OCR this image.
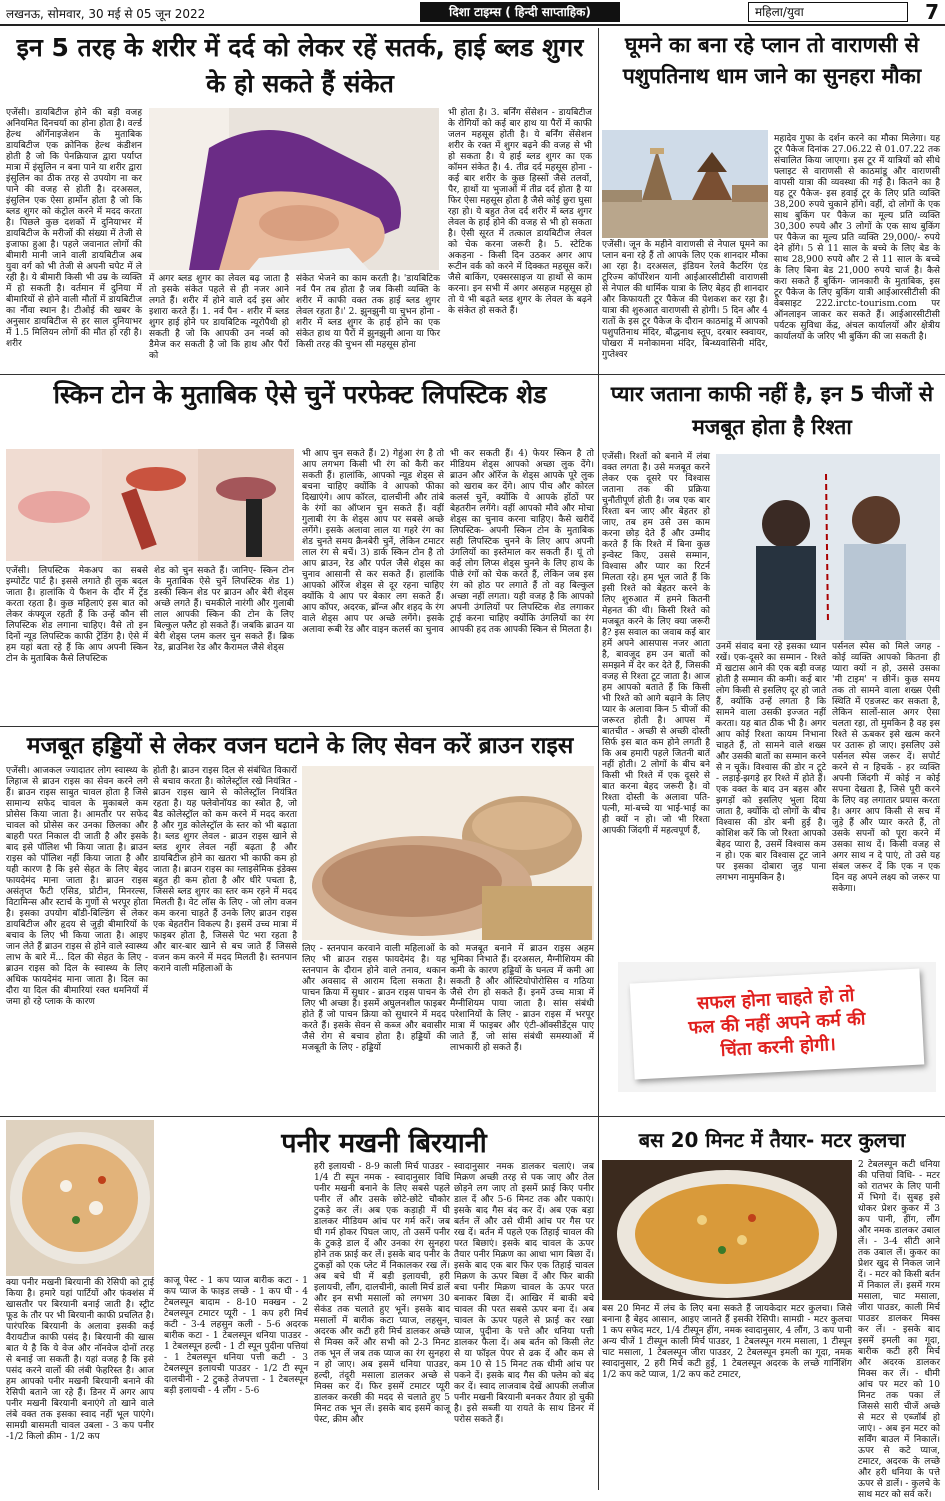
लखनऊ, सोमवार, 30 मई से 05 जून 2022	दिशा टाइम्स ( हिन्दी साप्ताहिक)	महिला/युवा	7
इन 5 तरह के शरीर में दर्द को लेकर रहें सतर्क, हाई ब्लड शुगर के हो सकते हैं संकेत
एजेंसी। डायबिटीज होने की बड़ी वजह अनियमित दिनचर्या का होना होता है। वर्ल्ड हेल्थ ऑर्गेनाइजेशन के मुताबिक डायबिटीज एक क्रोनिक हेल्थ कंडीशन होती है जो कि पेनक्रियाज द्वारा पर्याप्त मात्रा में इंसुलिन न बना पाने या शरीर द्वारा इंसुलिन का ठीक तरह से उपयोग ना कर पाने की वजह से होती है। दरअसल, इंसुलिन एक ऐसा हार्मोन होता है जो कि ब्लड शुगर को कंट्रोल करने में मदद करता है। पिछले कुछ दशकों में दुनियाभर में डायबिटीज के मरीजों की संख्या में तेजी से इजाफा हुआ है। पहले जवानात लोगों की बीमारी मानी जाने वाली डायबिटीज अब युवा वर्ग को भी तेजी से अपनी चपेट में ले रही है। ये बीमारी किसी भी उम्र के व्यक्ति में हो सकती है। वर्तमान में दुनिया में बीमारियों से होने वाली मौतों में डायबिटीज का नौंवा स्थान है। टीओई की खबर के अनुसार डायबिटीज से हर साल दुनियाभर में 1.5 मिलियन लोगों की मौत हो रही है। शरीर
में अगर ब्लड शुगर का लेवल बढ़ जाता है तो इसके संकेत पहले से ही नजर आने लगते हैं। शरीर में होने वाले दर्द इस ओर इशारा करते हैं। 1. नर्व पैन - शरीर में ब्लड शुगर हाई होने पर डायबिटिक न्यूरोपैथी हो सकती है जो कि आपकी उन नर्व्स को डैमेज कर सकती है जो कि हाथ और पैरों को
संकेत भेजने का काम करती है। 'डायबिटिक नर्व पैन तब होता है जब किसी व्यक्ति के शरीर में काफी वक्त तक हाई ब्लड शुगर लेवल रहता है।' 2. झुनझुनी या चुभन होना - शरीर में ब्लड शुगर के हाई होने का एक संकेत हाथ या पैरों में झुनझुनी आना या फिर किसी तरह की चुभन सी महसूस होना
भी होता है। 3. बर्निंग सेंसेशन - डायबिटीज के रोगियों को कई बार हाथ या पैरों में काफी जलन महसूस होती है। ये बर्निंग सेंसेशन शरीर के रक्त में शुगर बढ़ने की वजह से भी हो सकता है। ये हाई ब्लड शुगर का एक कॉमन संकेत है। 4. तीव्र दर्द महसूस होना - कई बार शरीर के कुछ हिस्सों जैसे तलवों, पैर, हाथों या भुजाओं में तीव्र दर्द होता है या फिर ऐसा महसूस होता है जैसे कोई छुरा घुसा रहा हो। ये बहुत तेज दर्द शरीर में ब्लड शुगर लेवल के हाई होने की वजह से भी हो सकता है। ऐसी सूरत में तत्काल डायबिटीज लेवल को चेक करना जरूरी है। 5. स्टेटिक अकड़ना - किसी दिन उठकर अगर आप रूटीन वर्क को करने में दिक्कत महसूस करें। जैसे बाकिंग, एक्सरसाइज या हाथों से काम करना। इन सभी में अगर असहज महसूस हो तो ये भी बढ़ते ब्लड शुगर के लेवल के बढ़ने के संकेत हो सकते हैं।
घूमने का बना रहे प्लान तो वाराणसी से पशुपतिनाथ धाम जाने का सुनहरा मौका
एजेंसी। जून के महीने वाराणसी से नेपाल घूमने का प्लान बना रहे हैं तो आपके लिए एक शानदार मौका आ रहा है। दरअसल, इंडियन रेलवे कैटरिंग एंड टूरिज्म कॉर्पोरेशन यानी आईआरसीटीसी वाराणसी से नेपाल की धार्मिक यात्रा के लिए बेहद ही शानदार और किफायती टूर पैकेज की पेशकश कर रहा है। यात्रा की शुरुआत वाराणसी से होगी। 5 दिन और 4 रातों के इस टूर पैकेज के दौरान काठमांडू में आपको पशुपतिनाथ मंदिर, बौद्धनाथ स्तूप, दरबार स्क्वायर, पोखरा में मनोकामना मंदिर, बिन्ध्यवासिनी मंदिर, गुप्तेश्वर
महादेव गुफा के दर्शन करने का मौका मिलेगा। यह टूर पैकेज दिनांक 27.06.22 से 01.07.22 तक संचालित किया जाएगा। इस टूर में यात्रियों को सीधे फ्लाइट से वाराणसी से काठमांडू और वाराणसी वापसी यात्रा की व्यवस्था की गई है। कितने का है यह टूर पैकेज- इस हवाई टूर के लिए प्रति व्यक्ति 38,200 रुपये चुकाने होंगे। वहीं, दो लोगों के एक साथ बुकिंग पर पैकेज का मूल्य प्रति व्यक्ति 30,300 रुपये और 3 लोगों के एक साथ बुकिंग पर पैकेज का मूल्य प्रति व्यक्ति 29,000/- रुपये देने होंगे। 5 से 11 साल के बच्चे के लिए बेड के साथ 28,900 रुपये और 2 से 11 साल के बच्चे के लिए बिना बेड 21,000 रुपये चार्ज है। कैसे करा सकते हैं बुकिंग- जानकारी के मुताबिक, इस टूर पैकेज के लिए बुकिंग यात्री आईआरसीटीसी की वेबसाइट 222.irctc-tourism.com पर ऑनलाइन जाकर कर सकते हैं। आईआरसीटीसी पर्यटक सुविधा केंद्र, अंचल कार्यालयों और क्षेत्रीय कार्यालयों के जरिए भी बुकिंग की जा सकती है।
स्किन टोन के मुताबिक ऐसे चुनें परफेक्ट लिपस्टिक शेड
एजेंसी। लिपस्टिक मेकअप का सबसे इम्पोर्टेंट पार्ट है। इससे लगाते ही लुक बदल जाता है। हालांकि ये फैशन के दौर में ट्रेंड करता रहता है। कुछ महिलाएं इस बात को लेकर कंफ्यूज रहती हैं कि उन्हें कौन सी लिपस्टिक शेड लगाना चाहिए। वैसे तो इन दिनों न्यूड लिपस्टिक काफी ट्रेंडिंग है। ऐसे में हम यहां बता रहे हैं कि आप अपनी स्किन टोन के मुताबिक कैसे लिपस्टिक
शेड को चुन सकते हैं। जानिए- स्किन टोन के मुताबिक ऐसे चुनें लिपस्टिक शेड 1) डस्की स्किन शेड पर ब्राउन और बेरी शेड्स अच्छे लगते हैं। चमकीले नारंगी और गुलाबी लाल आपकी स्किन की टोन के लिए बिल्कुल फ्लैट हो सकते हैं। जबकि ब्राउन या बेरी शेड्स प्लम कलर चुन सकते हैं। ब्रिक रेड, ब्राउनिश रेड और कैरामल जैसे शेड्स
भी आप चुन सकते हैं। 2) गेहुंआ रंग है तो आप लगभग किसी भी रंग को कैरी कर सकती हैं। हालांकि, आपको न्यूड शेड्स से बचना चाहिए क्योंकि वे आपको फीका दिखाएंगे। आप कॉरल, दालचीनी और तांबे के रंगों का ऑप्शन चुन सकते हैं। वहीं गुलाबी रंग के शेड्स आप पर सबसे अच्छे लगेंगे। इसके अलावा लाल या गहरे रंग का शेड चुनते समय क्रैनबेरी चुनें, लेकिन टमाटर लाल रंग से बचें। 3) डार्क स्किन टोन है तो आप ब्राउन, रेड और पर्पल जैसे शेड्स का चुनाव आसानी से कर सकते हैं। हालांकि आपको ऑरेंज शेड्स से दूर रहना चाहिए क्योंकि ये आप पर बेकार लग सकते हैं। आप कॉपर, अदरक, ब्रॉन्ज और शहद के रंग वाले शेड्स आप पर अच्छे लगेंगे। इसके अलावा रूबी रेड और वाइन कलर्स का चुनाव
भी कर सकती हैं। 4) फेयर स्किन है तो मीडियम शेड्स आपको अच्छा लुक देंगे। ब्राउन और ऑरेंज के शेड्स आपके पूरे लुक को खराब कर देंगे। आप पीच और कोरल कलर्स चुनें, क्योंकि ये आपके होंठों पर बेहतरीन लगेंगे। वहीं आपको मौवे और मोचा शेड्स का चुनाव करना चाहिए। कैसे खरीदें लिपस्टिक- अपनी स्किन टोन के मुताबिक सही लिपस्टिक चुनने के लिए आप अपनी उंगलियों का इस्तेमाल कर सकती हैं। यूं तो कई लोग लिप्स शेड्स चुनने के लिए हाथ के पीछे रंगों को चेक करते हैं, लेकिन जब इस रंग को होठ पर लगाते हैं तो वह बिल्कुल अच्छा नहीं लगता। यही वजह है कि आपको अपनी उंगलियों पर लिपस्टिक शेड लगाकर ट्राई करना चाहिए क्योंकि उंगलियों का रंग आपकी हद तक आपकी स्किन से मिलता है।
प्यार जताना काफी नहीं है, इन 5 चीजों से मजबूत होता है रिश्ता
एजेंसी। रिश्तों को बनाने में लंबा वक्त लगता है। उसे मजबूत करने लेकर एक दूसरे पर विश्वास जताना तक की प्रक्रिया चुनौतीपूर्ण होती है। जब एक बार रिश्ता बन जाए और बेहतर हो जाए, तब हम उसे उस काम करना छोड़ देते हैं और उम्मीद करते हैं कि रिश्ते में बिना कुछ इन्वेस्ट किए, उससे सम्मान, विश्वास और प्यार का रिटर्न मिलता रहे। हम भूल जाते हैं कि इसी रिश्ते को बेहतर करने के लिए शुरुआत में हमने कितनी मेहनत की थी। किसी रिश्ते को मजबूत करने के लिए क्या जरूरी है? इस सवाल का जवाब कई बार हमें अपने आसपास नजर आता है, बावजूद हम उन बातों को समझने में देर कर देते हैं, जिसकी वजह से रिश्ता टूट जाता है। आज हम आपको बताते हैं कि किसी भी रिश्ते को आगे बढ़ाने के लिए प्यार के अलावा किन 5 चीजों की जरूरत होती है। आपस में बातचीत - अच्छी से अच्छी दोस्ती सिर्फ इस बात कम होने लगती है कि अब हमारी पहले जितनी बातें नहीं होती। 2 लोगों के बीच बने किसी भी रिश्ते में एक दूसरे से बात करना बेहद जरूरी है। वो रिश्ता दोस्ती के अलावा पति-पत्नी, मां-बच्चे या भाई-भाई का ही क्यों न हो। जो भी रिश्ता आपकी जिंदगी में महत्वपूर्ण हैं,
उनमें संवाद बना रहे इसका ध्यान रखें। एक-दूसरे का सम्मान - रिश्ते में खटास आने की एक बड़ी वजह होती है सम्मान की कमी। कई बार लोग किसी से इसलिए दूर हो जाते हैं, क्योंकि उन्हें लगता है कि सामने वाला उसकी इज्जत नहीं करता। यह बात ठीक भी है। अगर आप कोई रिश्ता कायम निभाना चाहते हैं, तो सामने वाले शख्स और उसकी बातों का सम्मान करने से न चूकें। विश्वास की डोर न टूटे - लड़ाई-झगड़े हर रिश्ते में होते हैं। एक वक्त के बाद उन बहस और झगड़ों को इसलिए भुला दिया जाता है, क्योंकि दो लोगों के बीच विश्वास की डोर बनी हुई है। कोशिश करें कि जो रिश्ता आपको बेहद प्यारा है, उसमें विश्वास कम न हो। एक बार विश्वास टूट जाने पर इसका दोबारा जुड़ पाना लगभग नामुमकिन है।
पर्सनल स्पेस को मिले जगह - कोई व्यक्ति आपको कितना ही प्यारा क्यों न हो, उससे उसका 'मी टाइम' न छीनें। कुछ समय तक तो सामने वाला शख्स ऐसी स्थिति में एडजस्ट कर सकता है, लेकिन सालों-साल अगर ऐसा चलता रहा, तो मुमकिन है वह इस रिश्ते से ऊबकर इसे खत्म करने पर उतारू हो जाए। इसलिए उसे पर्सनल स्पेस जरूर दें। सपोर्ट करने से न हिचकें - हर व्यक्ति अपनी जिंदगी में कोई न कोई सपना देखता है, जिसे पूरी करने के लिए वह लगातार प्रयास करता है। अगर आप किसी से सच में जुड़े हैं और प्यार करते हैं, तो उसके सपनों को पूरा करने में उसका साथ दें। किसी वजह से अगर साथ न दे पाएं, तो उसे यह संबल जरूर दें कि एक न एक दिन वह अपने लक्ष्य को जरूर पा सकेगा।
सफल होना चाहते हो तो
फल की नहीं अपने कर्म की
चिंता करनी होगी।
मजबूत हड्डियों से लेकर वजन घटाने के लिए सेवन करें ब्राउन राइस
एजेंसी। आजकल ज्यादातर लोग स्वास्थ्य के लिहाज से ब्राउन राइस का सेवन करने लगे हैं। ब्राउन राइस साबुत चावल होता है जिसे सामान्य सफेद चावल के मुकाबले कम प्रोसेस किया जाता है। आमतौर पर सफेद चावल को प्रोसेस कर उनका छिलका और बाहरी परत निकाल दी जाती है और इसके बाद इसे पॉलिश भी किया जाता है। ब्राउन राइस को पॉलिश नहीं किया जाता है और यही कारण है कि इसे सेहत के लिए बेहद फायदेमंद माना जाता है। ब्राउन राइस असंतृप्त फैटी एसिड, प्रोटीन, मिनरल्स, विटामिन्स और स्टार्च के गुणों से भरपूर होता है। इसका उपयोग बॉडी-बिल्डिंग से लेकर डायबिटीज और हृदय से जुड़ी बीमारियों के बचाव के लिए भी किया जाता है। आइए जान लेते हैं ब्राउन राइस से होने वाले स्वास्थ्य लाभ के बारे में... दिल की सेहत के लिए - ब्राउन राइस को दिल के स्वास्थ्य के लिए अधिक फायदेमंद माना जाता है। दिल का दौरा या दिल की बीमारियां रक्त धमनियों में जमा हो रहे प्लाक के कारण
होती है। ब्राउन राइस दिल से संबंधित विकारों से बचाव करता है। कोलेस्ट्रॉल रखे नियंत्रित - ब्राउन राइस खाने से कोलेस्ट्रॉल नियंत्रित रहता है। यह फ्लेवोनॉयड का स्त्रोत है, जो बैड कोलेस्ट्रॉल को कम करने में मदद करता है और गुड कोलेस्ट्रॉल के स्तर को भी बढ़ाता है। ब्लड शुगर लेवल - ब्राउन राइस खाने से ब्लड शुगर लेवल नहीं बढ़ता है और डायबिटीज होने का खतरा भी काफी कम हो जाता है। ब्राउन राइस का ग्लाइसेमिक इंडेक्स बहुत ही कम होता है और धीरे पचता है, जिससे ब्लड शुगर का स्तर कम रहने में मदद मिलती है। वेट लॉस के लिए - जो लोग वजन कम करना चाहते हैं उनके लिए ब्राउन राइस एक बेहतरीन विकल्प है। इसमें उच्च मात्रा में फाइबर होता है, जिससे पेट भरा रहता है और बार-बार खाने से बच जाते हैं जिससे वजन कम करने में मदद मिलती है। स्तनपान कराने वाली महिलाओं के
लिए - स्तनपान करवाने वाली महिलाओं के लिए भी ब्राउन राइस फायदेमंद है। यह स्तनपान के दौरान होने वाले तनाव, थकान और अवसाद से आराम दिला सकता है। पाचन क्रिया में सुधार - ब्राउन राइस पाचन के लिए भी अच्छा है। इसमें अघुलनशील फाइबर होते हैं जो पाचन क्रिया को सुधारने में मदद करते हैं। इसके सेवन से कब्ज और बवासीर जैसे रोग से बचाव होता है। हड्डियों की मजबूती के लिए - हड्डियों
को मजबूत बनाने में ब्राउन राइस अहम भूमिका निभाते हैं। दरअसल, मैग्नीशियम की कमी के कारण हड्डियों के घनत्व में कमी आ सकती है और ऑस्टियोपोरोसिस व गठिया जैसे रोग हो सकते हैं। इनमें उच्च मात्रा में मैग्नीशियम पाया जाता है। सांस संबंधी परेशानियों के लिए - ब्राउन राइस में भरपूर मात्रा में फाइबर और एंटी-ऑक्सीडेंट्स पाए जाते हैं, जो सांस संबंधी समस्याओं में लाभकारी हो सकते हैं।
पनीर मखनी बिरयानी
क्या पनीर मखनी बिरयानी की रेसिपी को ट्राई किया है। हमारे यहां पार्टियों और फंक्शंस में खासतौर पर बिरयानी बनाई जाती है। स्ट्रीट फूड के तौर पर भी बिरयानी काफी प्रचलित है। पारंपरिक बिरयानी के अलावा इसकी कई वैरायटीज काफी पसंद है। बिरयानी की खास बात ये है कि ये वेज और नॉनवेज दोनों तरह से बनाई जा सकती है। यहां वजह है कि इसे पसंद करने वालों की लंबी फेहरिस्त है। आज हम आपको पनीर मखनी बिरयानी बनाने की रेसिपी बताने जा रहे हैं। डिनर में अगर आप पनीर मखनी बिरयानी बनाएंगे तो खाने वाले लंबे वक्त तक इसका स्वाद नहीं भूल पाएंगे। सामग्री बासमती चावल उबला - 3 कप पनीर -1/2 किलो क्रीम - 1/2 कप
काजू पेस्ट - 1 कप प्याज बारीक कटा - 1 कप प्याज के फाइड लच्छे - 1 कप घी - 4 टेबलस्पून बादाम - 8-10 मक्खन - 2 टेबलस्पून टमाटर प्यूरी - 1 कप हरी मिर्च कटी - 3-4 लहसुन कली - 5-6 अदरक बारीक कटा - 1 टेबलस्पून धनिया पाउडर - 1 टेबलस्पून हल्दी - 1 टी स्पून पुदीना पत्तियां - 1 टेबलस्पून धनिया पत्ती कटी - 3 टेबलस्पून इलायची पाउडर - 1/2 टी स्पून दालचीनी - 2 टुकड़े तेजपत्ता - 1 टेबलस्पून बड़ी इलायची - 4 लौंग - 5-6
हरी इलायची - 8-9 काली मिर्च पाउडर - 1/4 टी स्पून नमक - स्वादानुसार विधि पनीर मखनी बनाने के लिए सबसे पहले पनीर लें और उसके छोटे-छोटे चौकोर टुकड़े कर लें। अब एक कड़ाही में घी डालकर मीडियम आंच पर गर्म करें। जब घी गर्म होकर पिघल जाए, तो उसमें पनीर के टुकड़े डाल दें और उनका रंग सुनहरा होने तक फ्राई कर लें। इसके बाद पनीर के टुकड़ों को एक प्लेट में निकालकर रख लें। अब बचे घी में बड़ी इलायची, हरी इलायची, लौंग, दालचीनी, काली मिर्च डालें और इन सभी मसालों को लगभग 30 सेकंड तक चलाते हुए भूनें। इसके बाद मसालों में बारीक कटा प्याज, लहसुन, अदरक और कटी हरी मिर्च डालकर अच्छे से मिक्स करें और सभी को 2-3 मिनट तक भून लें जब तक प्याज का रंग सुनहरा न हो जाए। अब इसमें धनिया पाउडर, हल्दी, तंदूरी मसाला डालकर अच्छे से मिक्स कर दें। फिर इसमें टमाटर प्यूरी डालकर करछी की मदद से चलाते हुए 5 मिनट तक भून लें। इसके बाद इसमें काजू पेस्ट, क्रीम और
स्वादानुसार नमक डालकर चलाएं। जब मिक्रण अच्छी तरह से पक जाए और तेल छोड़ने लग जाए तो इसमें फ्राई किए पनीर डाल दें और 5-6 मिनट तक और पकाएं। इसके बाद गैस बंद कर दें। अब एक बड़ा बर्तन लें और उसे धीमी आंच पर गैस पर रख दें। बर्तन में पहले एक तिहाई चावल की परत बिछाएं। इसके बाद चावल के ऊपर तैयार पनीर मिक्रण का आधा भाग बिछा दें। इसके बाद एक बार फिर एक तिहाई चावल मिक्रण के ऊपर बिछा दें और फिर बाकी बचा पनीर मिक्रण चावल के ऊपर परत बनाकर बिछा दें। आखिर में बाकी बचे चावल की परत सबसे ऊपर बना दें। अब चावल के ऊपर पहले से फ्राई कर रखा प्याज, पुदीना के पत्ते और धनिया पत्ती डालकर फैला दें। अब बर्तन को किसी लेट से या फॉइल पेपर से ढक दें और कम से कम 10 से 15 मिनट तक धीमी आंच पर पकने दें। इसके बाद गैस की फ्लेम को बंद कर दें। स्वाद लाजवाब देखें आपकी लजीज पनीर मखनी बिरयानी बनकर तैयार हो चुकी है। इसे सब्जी या रायते के साथ डिनर में परोस सकते हैं।
बस 20 मिनट में तैयार- मटर कुलचा
बस 20 मिनट में लंच के लिए बना सकते हैं जायकेदार मटर कुलचा। जिसे बनाना है बेहद आसान, आइए जानते हैं इसकी रेसिपी। सामग्री - मटर कुलचा 1 कप सफेद मटर, 1/4 टीस्पून हींग, नमक स्वादानुसार, 4 लौंग, 3 कप पानी अन्य चीजें 1 टीस्पून काली मिर्च पाउडर, 1 टेबलस्पून गरम मसाला, 1 टीस्पून चाट मसाला, 1 टेबलस्पून जीरा पाउडर, 2 टेबलस्पून इमली का गूदा, नमक स्वादानुसार, 2 हरी मिर्च कटी हुई, 1 टेबलस्पून अदरक के लच्छे गार्निशिंग 1/2 कप कटे प्याज, 1/2 कप कटे टमाटर,
2 टेबलस्पून कटी धनिया की पत्तियां विधि- - मटर को रातभर के लिए पानी में भिगो दें। सुबह इसे धोकर प्रेशर कुकर में 3 कप पानी, हींग, लौंग और नमक डालकर उबाल लें। - 3-4 सीटी आने तक उबाल लें। कुकर का प्रेशर खुद से निकल जाने दें। - मटर को किसी बर्तन में निकाल लें। इसमें गरम मसाला, चाट मसाला, जीरा पाउडर, काली मिर्च पाउडर डालकर मिक्स कर लें। - इसके बाद इसमें इमली का गूदा, बारीक कटी हरी मिर्च और अदरक डालकर मिक्स कर लें। - धीमी आंच पर मटर को 10 मिनट तक पका लें जिससे सारी चीजें अच्छे से मटर से एब्जॉर्ब हो जाएं। - अब इन मटर को सर्विंग बाउल में निकालें। ऊपर से कटे प्याज, टमाटर, अदरक के लच्छे और हरी धनिया के पत्ते ऊपर से डालें। - कुलचे के साथ मटर को सर्व करें।
